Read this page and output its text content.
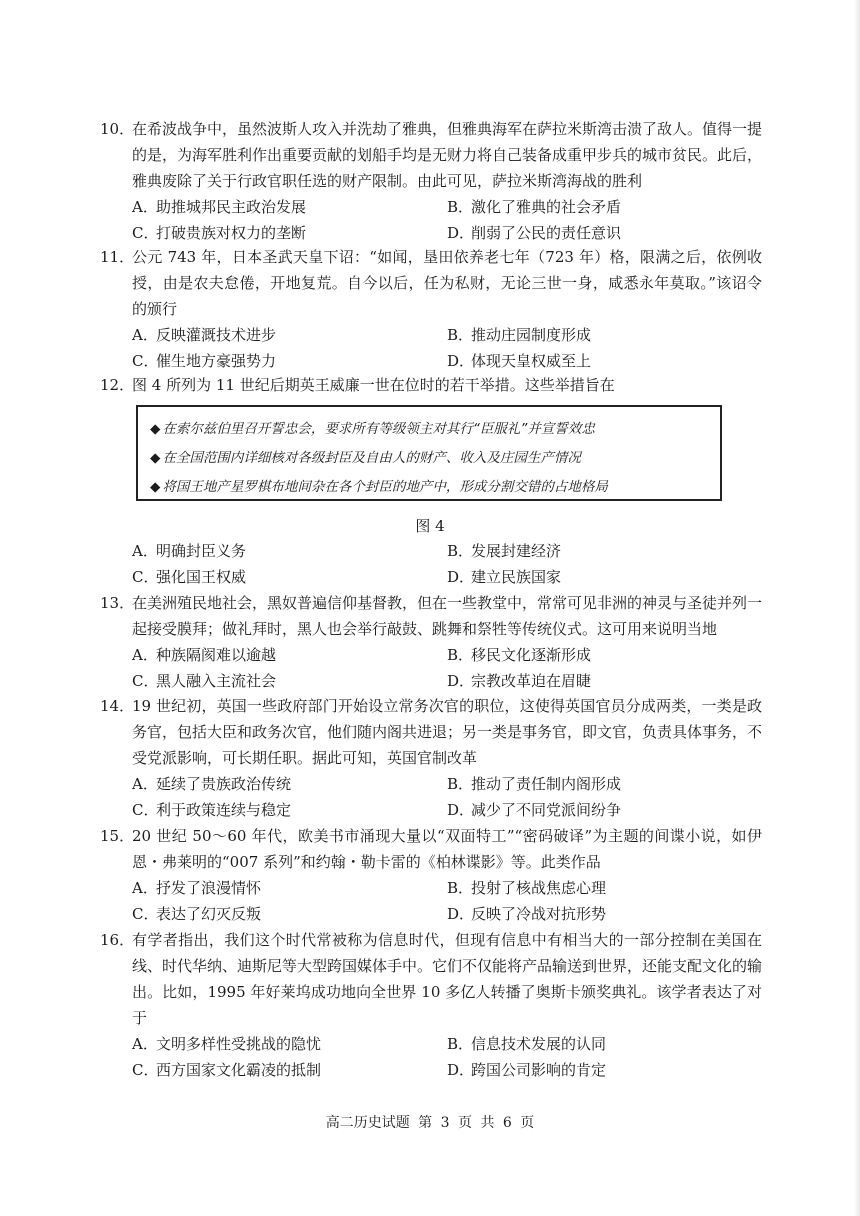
10．
在希波战争中，虽然波斯人攻入并洗劫了雅典，但雅典海军在萨拉米斯湾击溃了敌人。值得一提的是，为海军胜利作出重要贡献的划船手均是无财力将自己装备成重甲步兵的城市贫民。此后，雅典废除了关于行政官职任选的财产限制。由此可见，萨拉米斯湾海战的胜利
A．助推城邦民主政治发展	B．激化了雅典的社会矛盾
C．打破贵族对权力的垄断	D．削弱了公民的责任意识
11．
公元 743 年，日本圣武天皇下诏：“如闻，垦田依养老七年（723 年）格，限满之后，依例收授，由是农夫怠倦，开地复荒。自今以后，任为私财，无论三世一身，咸悉永年莫取。”该诏令的颁行
A．反映灌溉技术进步	B．推动庄园制度形成
C．催生地方豪强势力	D．体现天皇权威至上
12．
图 4 所列为 11 世纪后期英王威廉一世在位时的若干举措。这些举措旨在
◆ 在索尔兹伯里召开誓忠会，要求所有等级领主对其行“臣服礼”并宣誓效忠
◆ 在全国范围内详细核对各级封臣及自由人的财产、收入及庄园生产情况
◆ 将国王地产星罗棋布地间杂在各个封臣的地产中，形成分割交错的占地格局
图 4
A．明确封臣义务	B．发展封建经济
C．强化国王权威	D．建立民族国家
13．
在美洲殖民地社会，黑奴普遍信仰基督教，但在一些教堂中，常常可见非洲的神灵与圣徒并列一起接受膜拜；做礼拜时，黑人也会举行敲鼓、跳舞和祭牲等传统仪式。这可用来说明当地
A．种族隔阂难以逾越	B．移民文化逐渐形成
C．黑人融入主流社会	D．宗教改革迫在眉睫
14．
19 世纪初，英国一些政府部门开始设立常务次官的职位，这使得英国官员分成两类，一类是政务官，包括大臣和政务次官，他们随内阁共进退；另一类是事务官，即文官，负责具体事务，不受党派影响，可长期任职。据此可知，英国官制改革
A．延续了贵族政治传统	B．推动了责任制内阁形成
C．利于政策连续与稳定	D．减少了不同党派间纷争
15．
20 世纪 50～60 年代，欧美书市涌现大量以“双面特工”“密码破译”为主题的间谍小说，如伊恩・弗莱明的“007 系列”和约翰・勒卡雷的《柏林谍影》等。此类作品
A．抒发了浪漫情怀	B．投射了核战焦虑心理
C．表达了幻灭反叛	D．反映了冷战对抗形势
16．
有学者指出，我们这个时代常被称为信息时代，但现有信息中有相当大的一部分控制在美国在线、时代华纳、迪斯尼等大型跨国媒体手中。它们不仅能将产品输送到世界，还能支配文化的输出。比如，1995 年好莱坞成功地向全世界 10 多亿人转播了奥斯卡颁奖典礼。该学者表达了对于
A．文明多样性受挑战的隐忧	B．信息技术发展的认同
C．西方国家文化霸凌的抵制	D．跨国公司影响的肯定
高二历史试题 第 3 页 共 6 页
